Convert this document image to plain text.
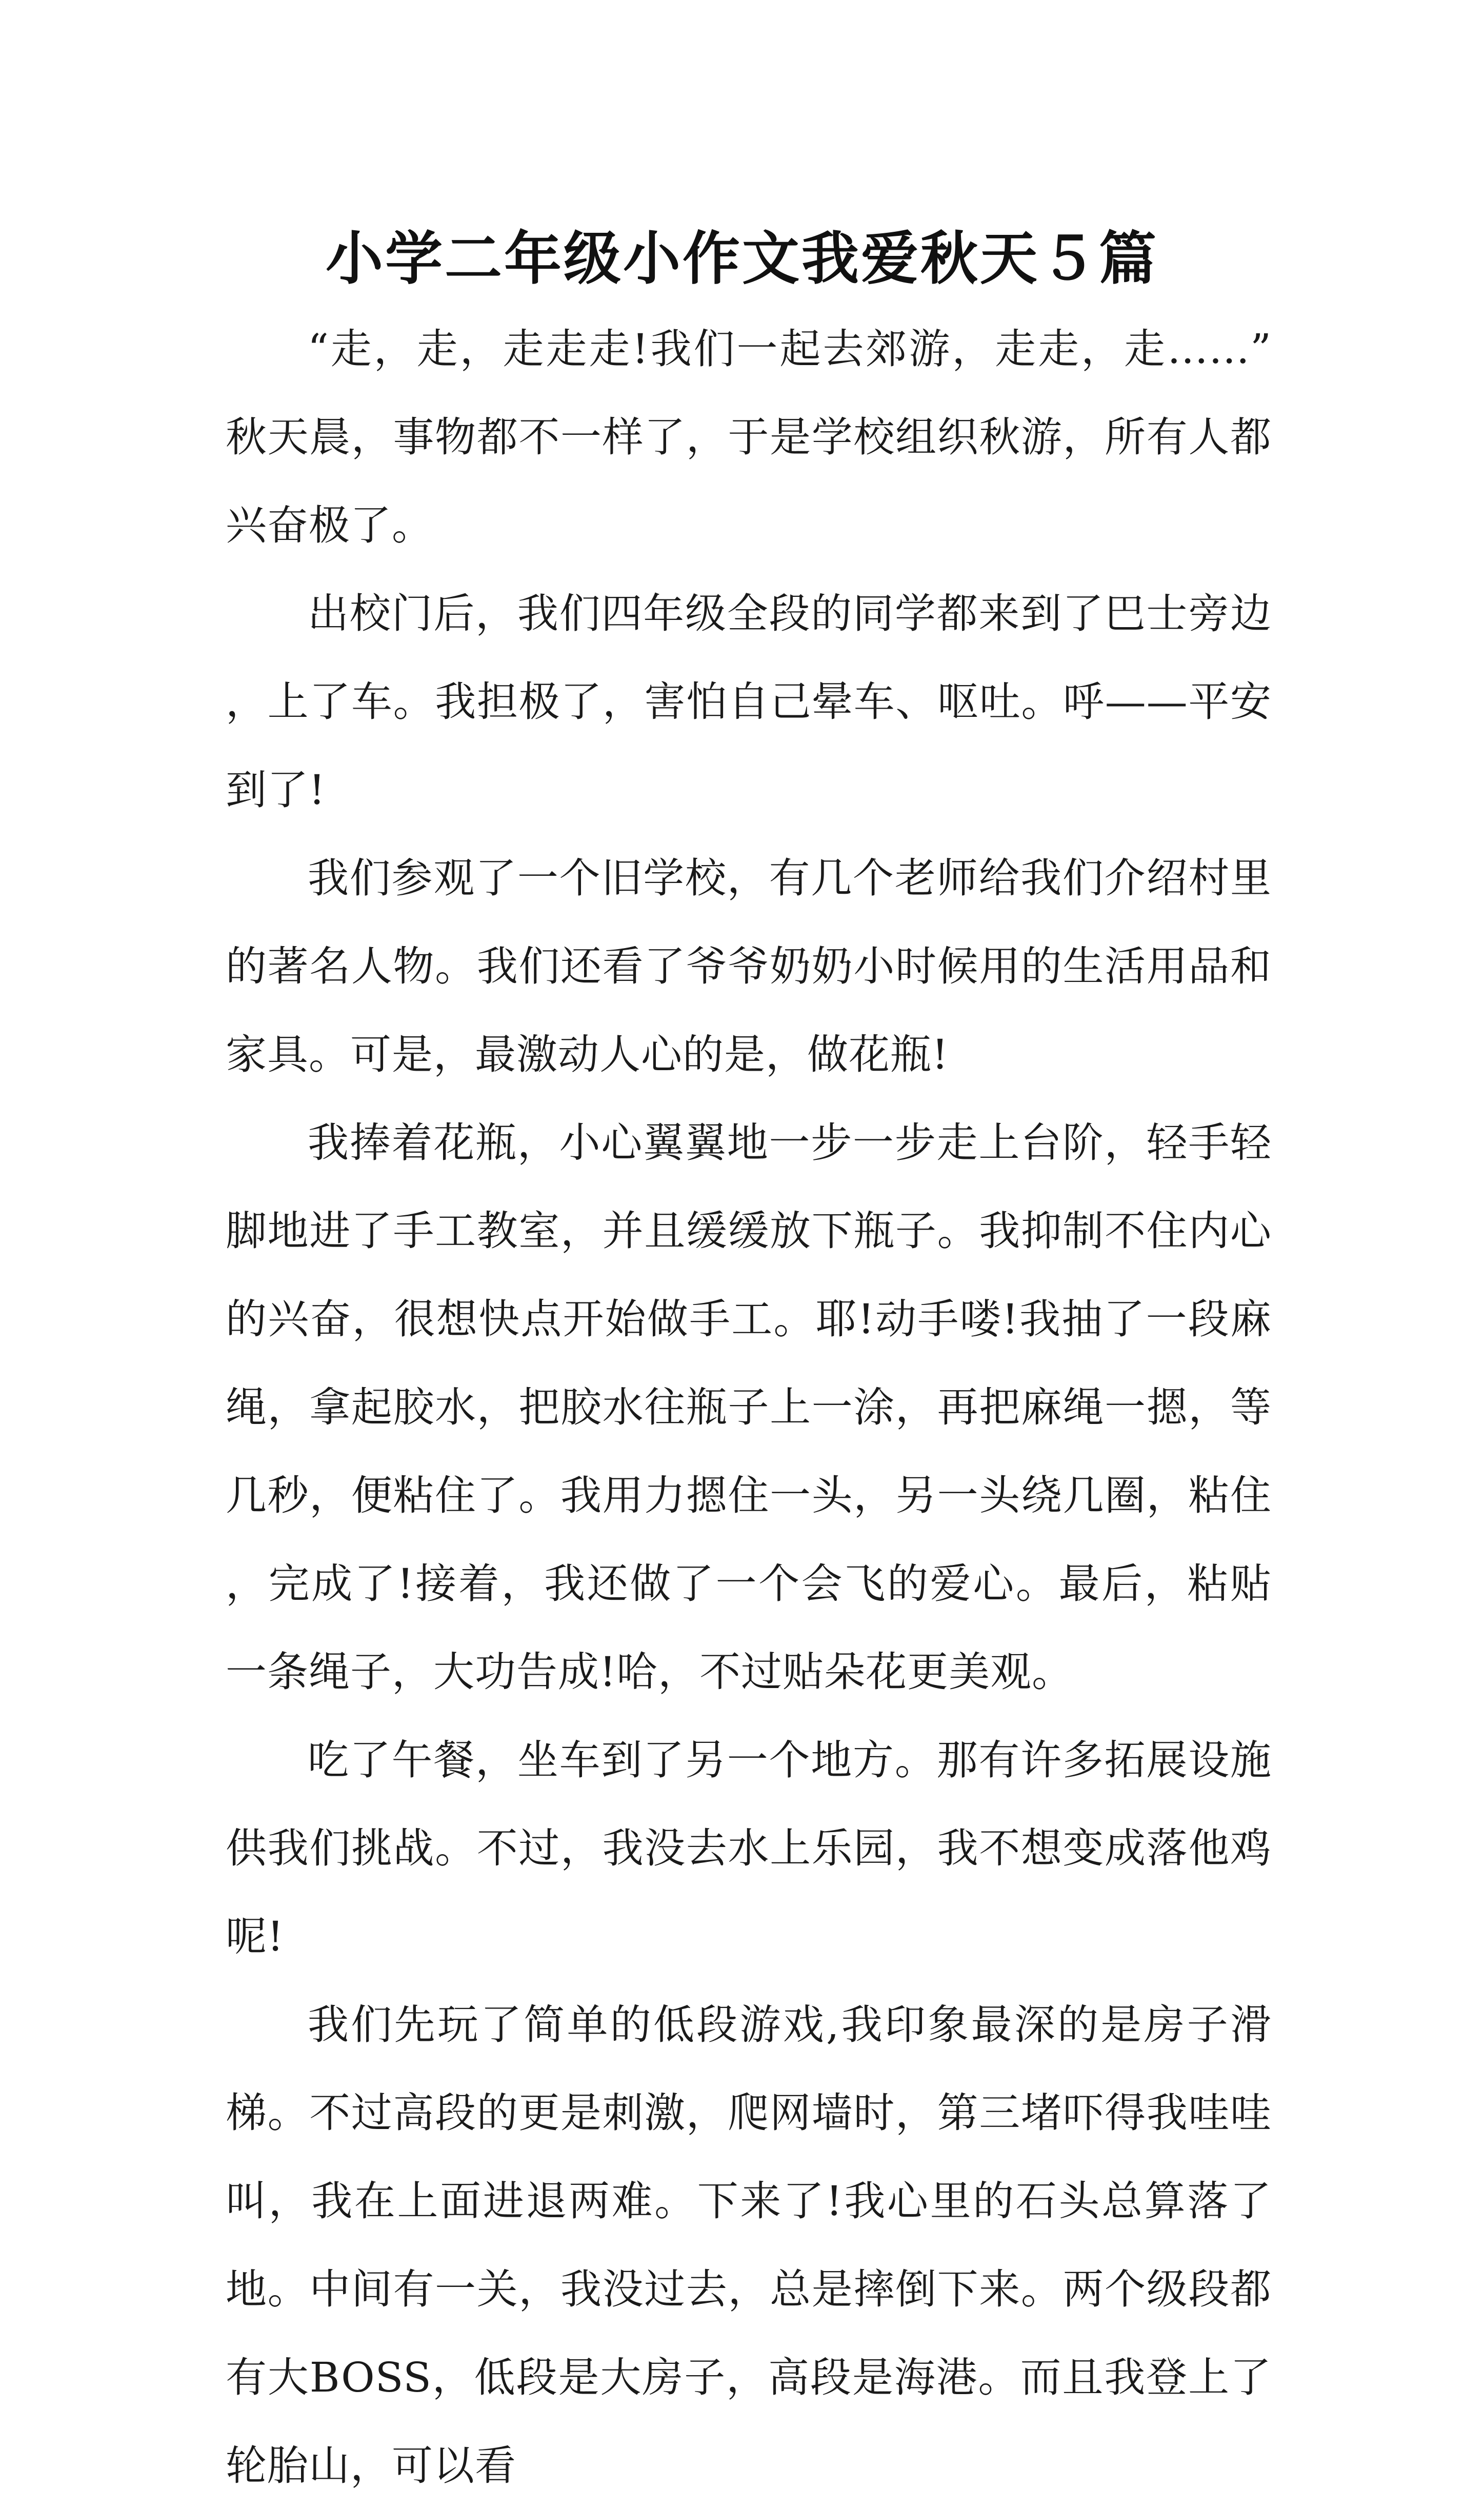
小学二年级小作文我爱秋天５篇

“走，走，走走走!我们一起去郊游，走走，走……”秋天晨，事物都不一样了，于是学校组织秋游，所有人都兴奋极了。

出校门后，我们四年级全段的同学都来到了巴士旁边，上了车。我担极了，害怕自己晕车、呕吐。呼——平安到了!

我们参观了一个旧学校，有几个老师给我们介绍村里的著名人物。我们还看了爷爷奶奶小时候用的生活用品和家具。可是，最激动人心的是，做花瓶!

我捧着花瓶，小心翼翼地一步一步走上台阶，轻手轻脚地进了手工教室，并且缓缓放下瓶子。我抑制不住内心的兴奋，很想快点开始做手工。耶!动手喽!我抽了一段麻绳，拿起胶水，把胶水往瓶子上一涂，再把麻绳一摁，等几秒，便粘住了。我用力摁住一头，另一头绕几圈，粘住，完成了!接着，我还做了一个会飞的爱心。最后，粘贴一条绳子，大功告成!哈，不过贴朵花更美观。

吃了午餐，坐车到了另一个地方。那有许多拓展设施供我们挑战。不过，我没去水上乐园，我不想变成落他鸡呢!

我们先玩了简单的低段游戏,我印象最深的是房子滑梯。不过高段的更是刺激，爬网墙时，第三堵吓得我哇哇叫，我在上面进退两难。下来了!我心里的石头总算落了地。中间有一关，我没过去，总是摔倒下来。两个级段都有大BOSS，低段是大房子，高段是海港。而且我登上了轮胎山，可以看
